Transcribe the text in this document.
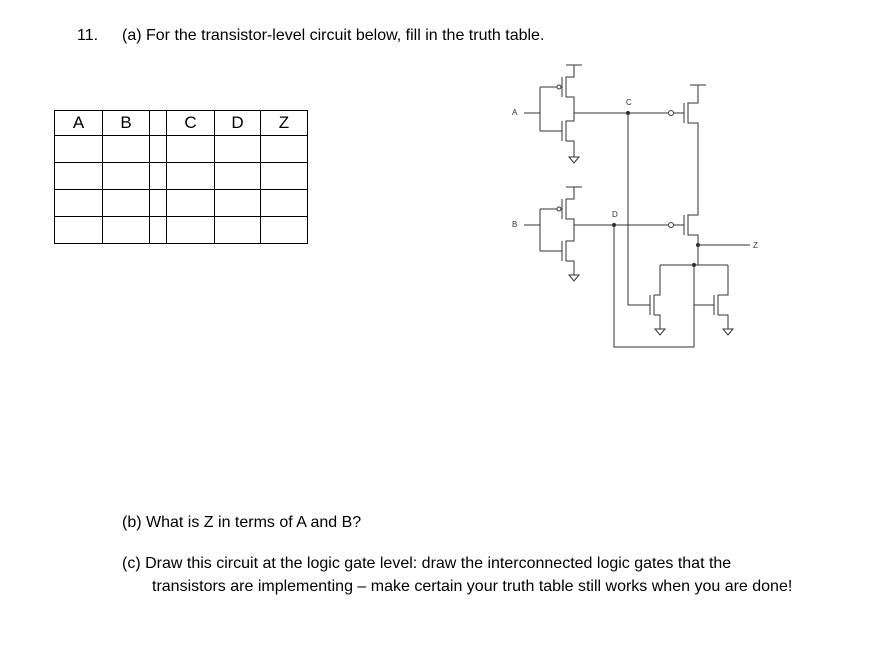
11. (a) For the transistor-level circuit below, fill in the truth table.
A	B		C	D	Z

A
B
C
D
Z
(b) What is Z in terms of A and B?
(c) Draw this circuit at the logic gate level: draw the interconnected logic gates that the
transistors are implementing – make certain your truth table still works when you are done!
